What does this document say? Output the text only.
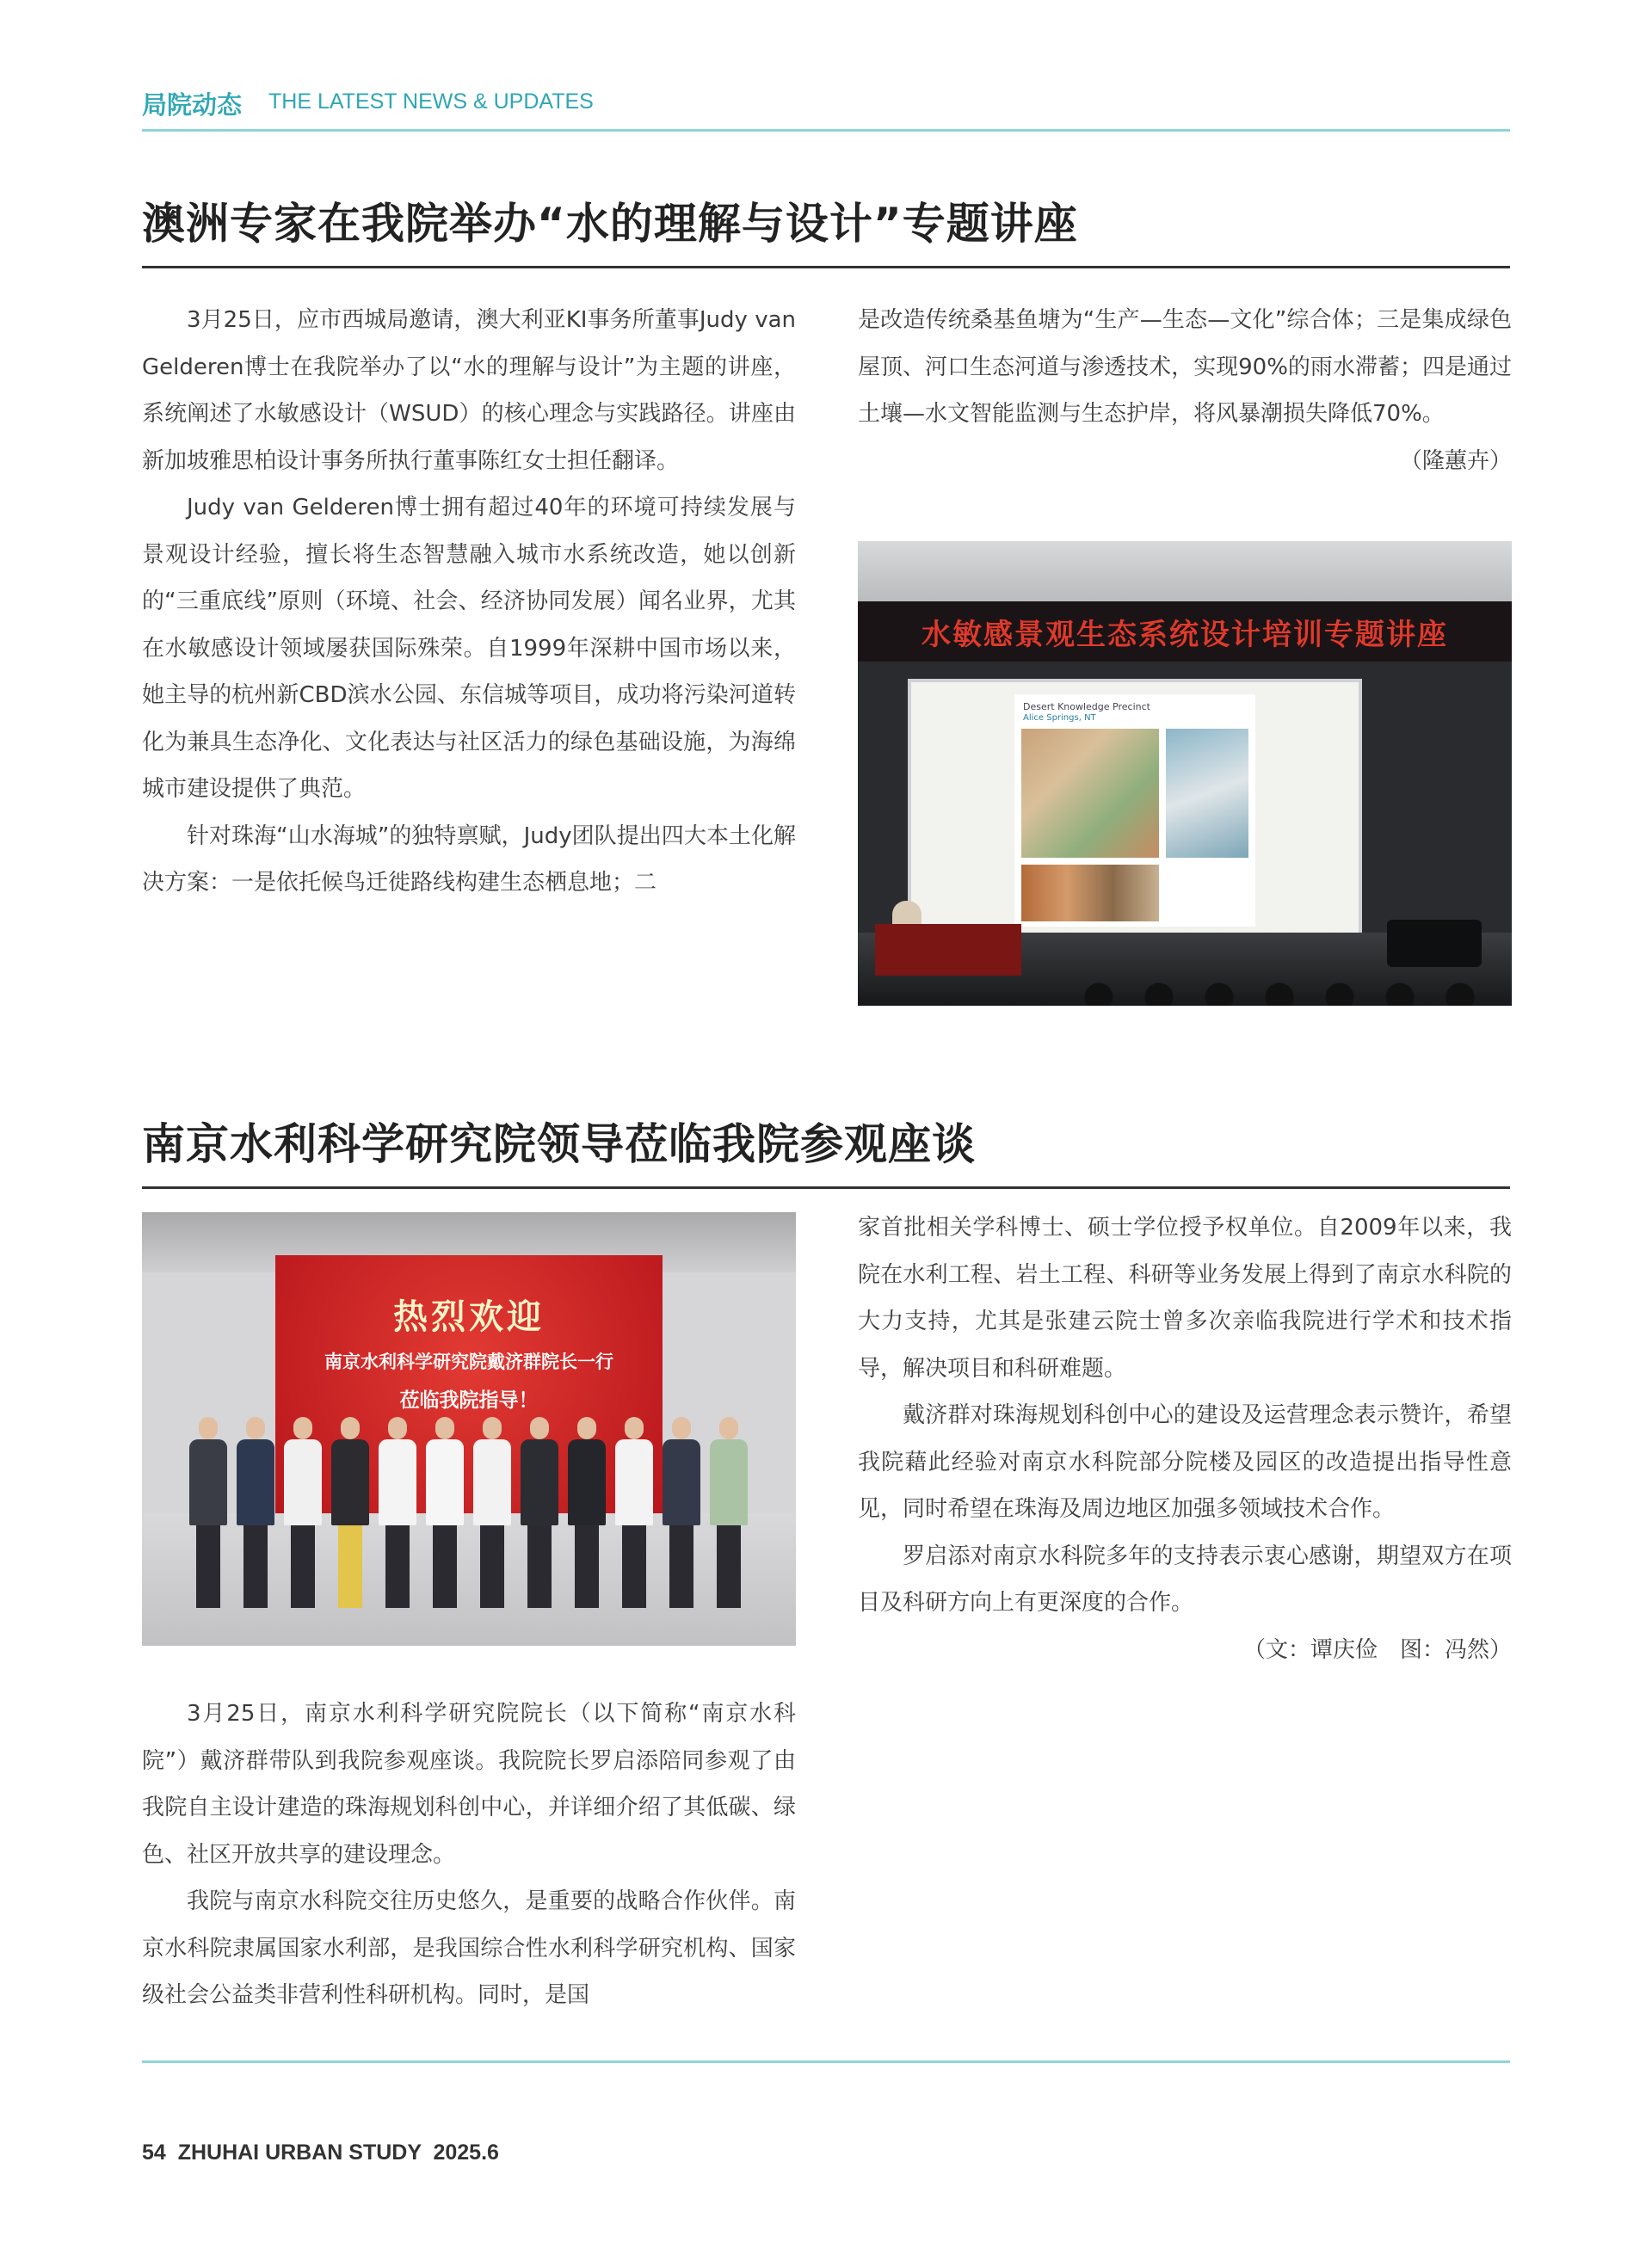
局院动态 THE LATEST NEWS & UPDATES
澳洲专家在我院举办“水的理解与设计”专题讲座

3月25日，应市西城局邀请，澳大利亚KI事务所董事Judy van Gelderen博士在我院举办了以“水的理解与设计”为主题的讲座，系统阐述了水敏感设计（WSUD）的核心理念与实践路径。讲座由新加坡雅思柏设计事务所执行董事陈红女士担任翻译。

Judy van Gelderen博士拥有超过40年的环境可持续发展与景观设计经验，擅长将生态智慧融入城市水系统改造，她以创新的“三重底线”原则（环境、社会、经济协同发展）闻名业界，尤其在水敏感设计领域屡获国际殊荣。自1999年深耕中国市场以来，她主导的杭州新CBD滨水公园、东信城等项目，成功将污染河道转化为兼具生态净化、文化表达与社区活力的绿色基础设施，为海绵城市建设提供了典范。

针对珠海“山水海城”的独特禀赋，Judy团队提出四大本土化解决方案：一是依托候鸟迁徙路线构建生态栖息地；二

是改造传统桑基鱼塘为“生产—生态—文化”综合体；三是集成绿色屋顶、河口生态河道与渗透技术，实现90%的雨水滞蓄；四是通过土壤—水文智能监测与生态护岸，将风暴潮损失降低70%。

（隆蕙卉）

水敏感景观生态系统设计培训专题讲座
Desert Knowledge Precinct
Alice Springs, NT
南京水利科学研究院领导莅临我院参观座谈
热烈欢迎
南京水利科学研究院戴济群院长一行
莅临我院指导！

3月25日，南京水利科学研究院院长（以下简称“南京水科院”）戴济群带队到我院参观座谈。我院院长罗启添陪同参观了由我院自主设计建造的珠海规划科创中心，并详细介绍了其低碳、绿色、社区开放共享的建设理念。

我院与南京水科院交往历史悠久，是重要的战略合作伙伴。南京水科院隶属国家水利部，是我国综合性水利科学研究机构、国家级社会公益类非营利性科研机构。同时，是国

家首批相关学科博士、硕士学位授予权单位。自2009年以来，我院在水利工程、岩土工程、科研等业务发展上得到了南京水科院的大力支持，尤其是张建云院士曾多次亲临我院进行学术和技术指导，解决项目和科研难题。

戴济群对珠海规划科创中心的建设及运营理念表示赞许，希望我院藉此经验对南京水科院部分院楼及园区的改造提出指导性意见，同时希望在珠海及周边地区加强多领域技术合作。

罗启添对南京水科院多年的支持表示衷心感谢，期望双方在项目及科研方向上有更深度的合作。

（文：谭庆俭　图：冯然）

54  ZHUHAI URBAN STUDY  2025.6
